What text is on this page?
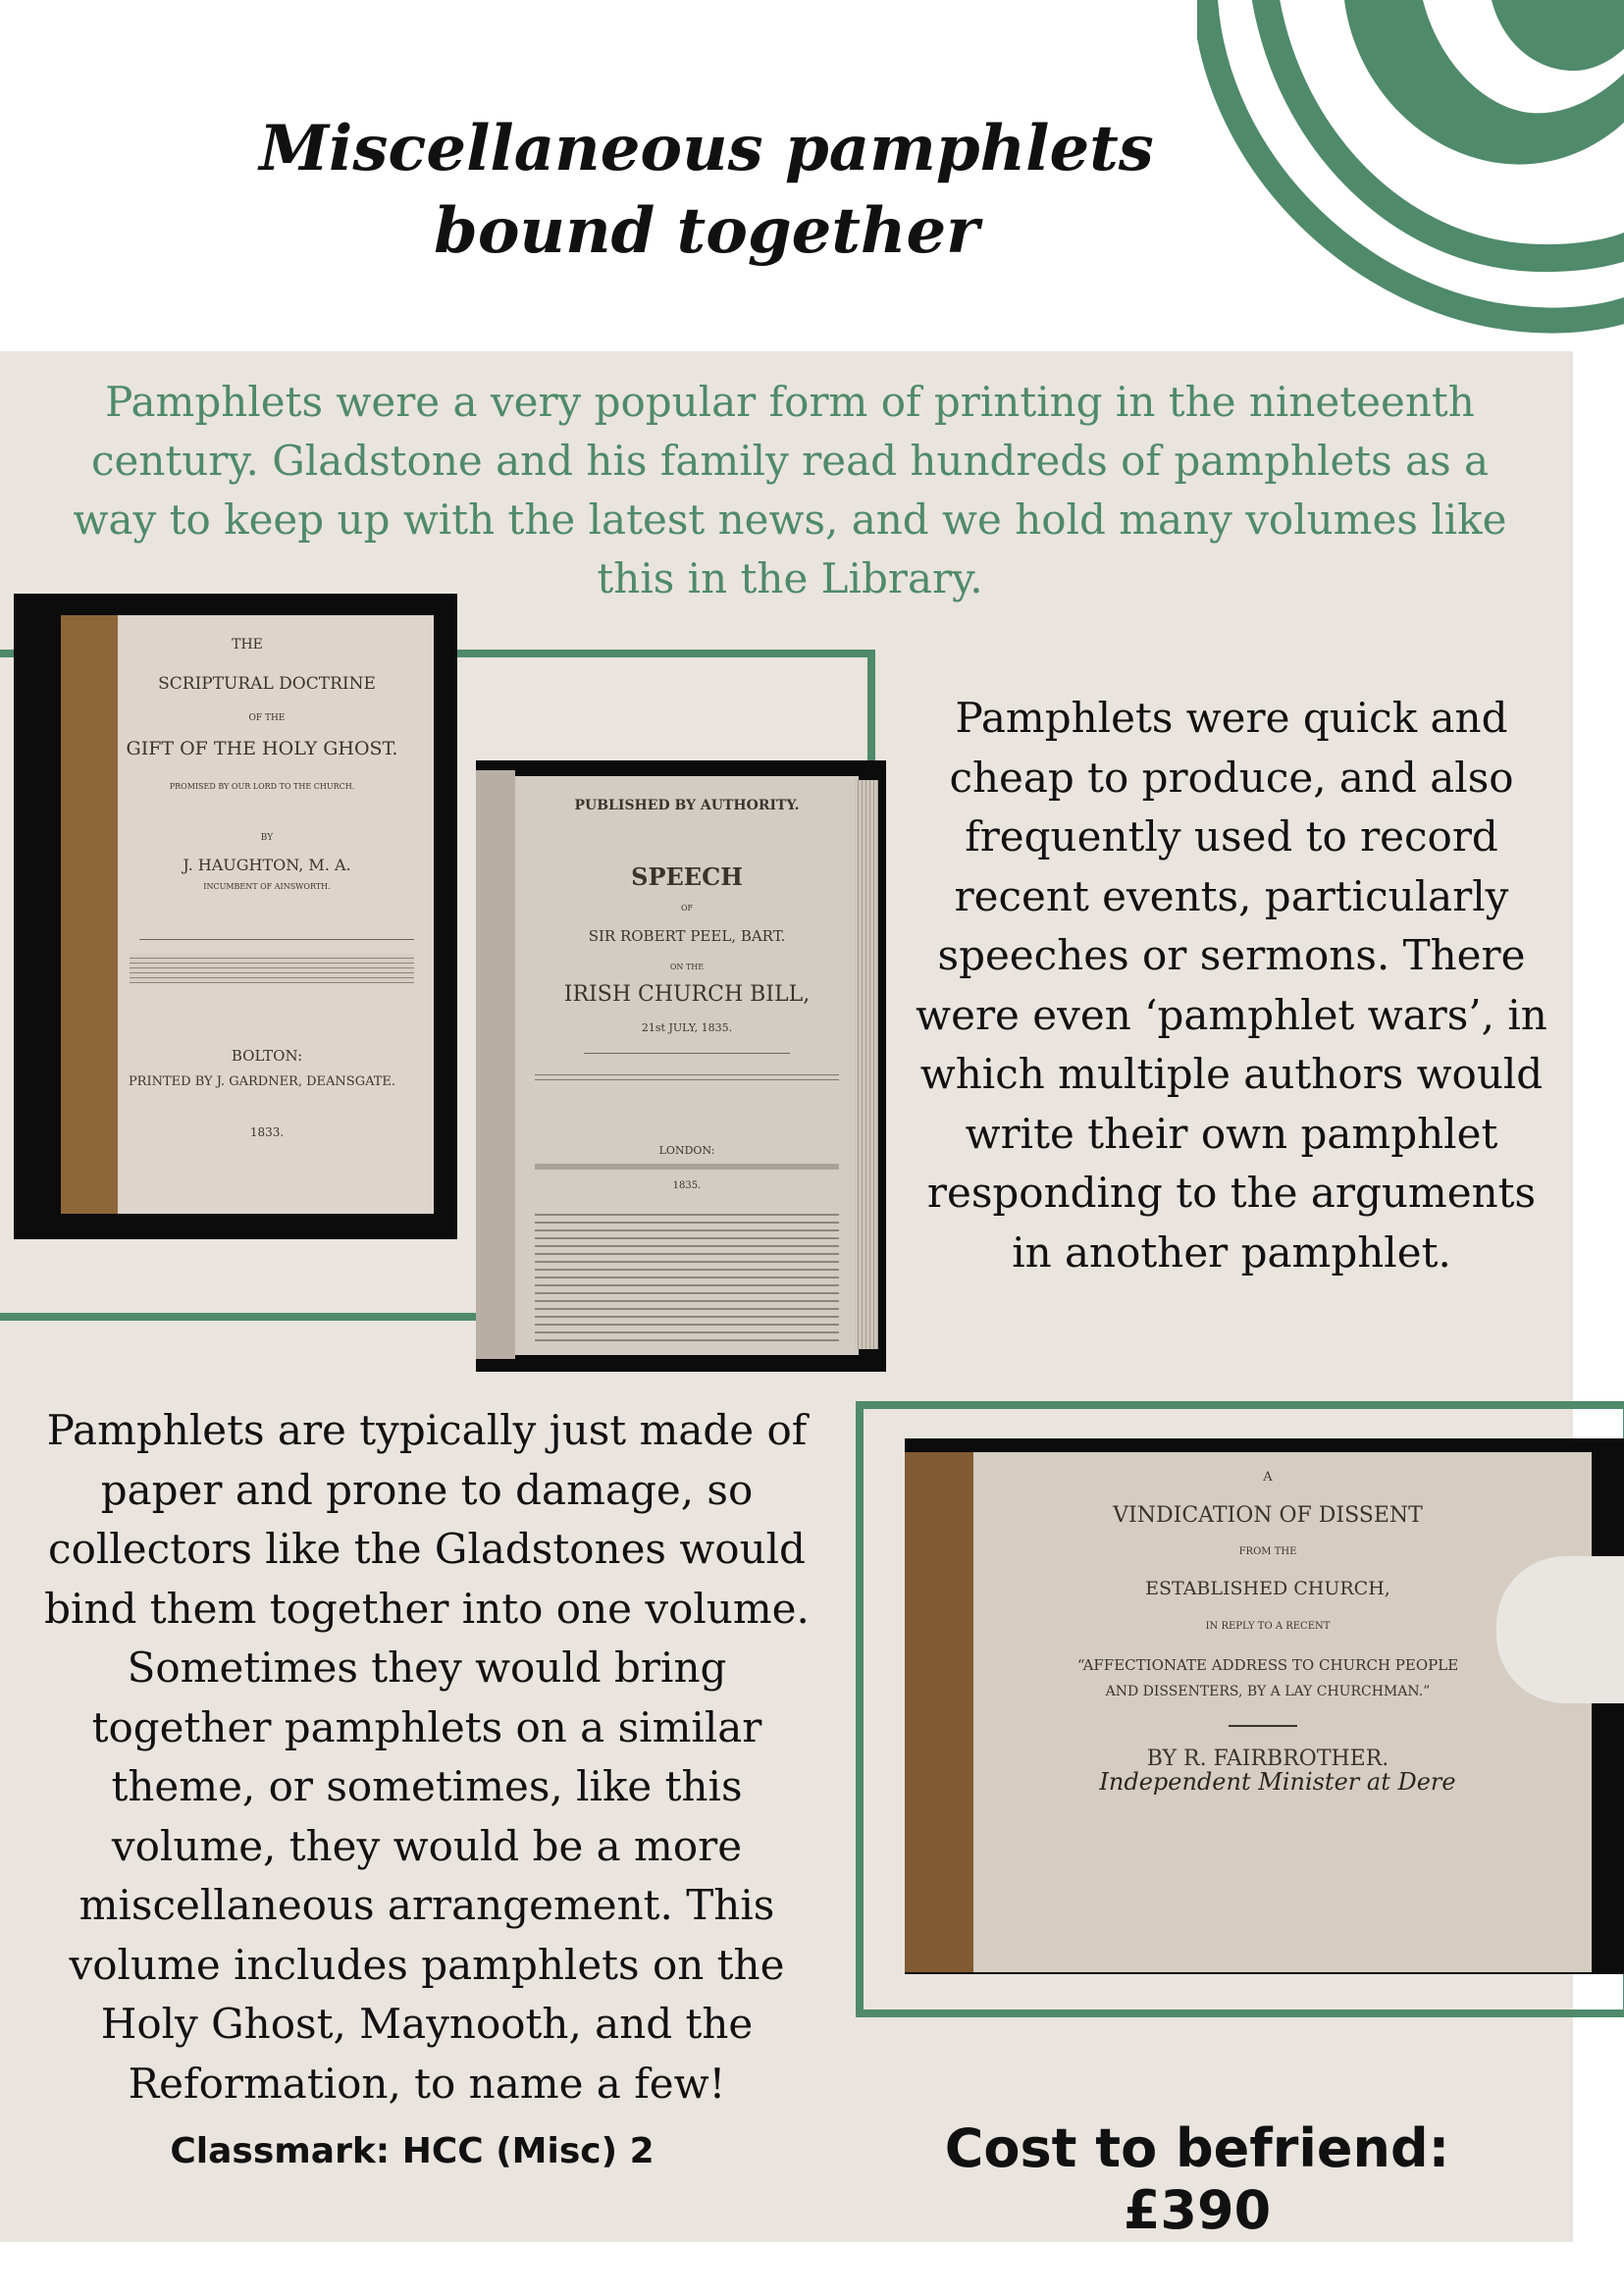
Miscellaneous pamphlets
bound together

Pamphlets were a very popular form of printing in the nineteenth century. Gladstone and his family read hundreds of pamphlets as a way to keep up with the latest news, and we hold many volumes like this in the Library.

THE
SCRIPTURAL DOCTRINE
OF THE
GIFT OF THE HOLY GHOST.
PROMISED BY OUR LORD TO THE CHURCH.
BY
J. HAUGHTON, M. A.
INCUMBENT OF AINSWORTH.
BOLTON:
PRINTED BY J. GARDNER, DEANSGATE.
1833.
PUBLISHED BY AUTHORITY.
SPEECH
OF
SIR ROBERT PEEL, BART.
ON THE
IRISH CHURCH BILL,
21st JULY, 1835.
LONDON:
1835.
A
VINDICATION OF DISSENT
FROM THE
ESTABLISHED CHURCH,
IN REPLY TO A RECENT
“AFFECTIONATE ADDRESS TO CHURCH PEOPLE
AND DISSENTERS, BY A LAY CHURCHMAN.”
BY R. FAIRBROTHER.
Independent Minister at Dere

Pamphlets were quick and cheap to produce, and also frequently used to record recent events, particularly speeches or sermons. There were even ‘pamphlet wars’, in which multiple authors would write their own pamphlet responding to the arguments in another pamphlet.

Pamphlets are typically just made of paper and prone to damage, so collectors like the Gladstones would bind them together into one volume. Sometimes they would bring together pamphlets on a similar theme, or sometimes, like this volume, they would be a more miscellaneous arrangement. This volume includes pamphlets on the Holy Ghost, Maynooth, and the Reformation, to name a few!

Classmark: HCC (Misc) 2	Cost to befriend: £390
